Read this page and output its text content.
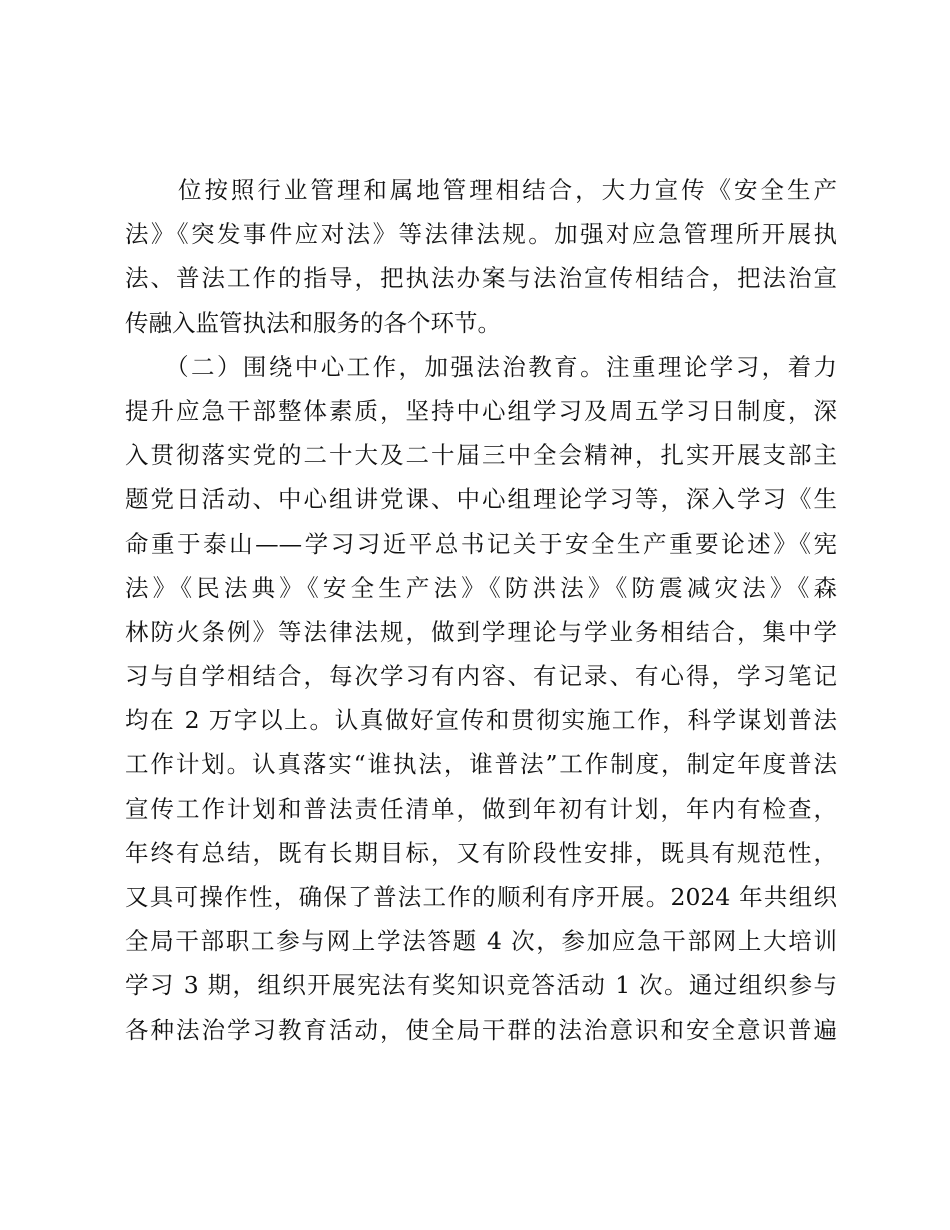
　　位按照行业管理和属地管理相结合，大力宣传《安全生产
法》《突发事件应对法》等法律法规。加强对应急管理所开展执
法、普法工作的指导，把执法办案与法治宣传相结合，把法治宣
传融入监管执法和服务的各个环节。
　　（二）围绕中心工作，加强法治教育。注重理论学习，着力
提升应急干部整体素质，坚持中心组学习及周五学习日制度，深
入贯彻落实党的二十大及二十届三中全会精神，扎实开展支部主
题党日活动、中心组讲党课、中心组理论学习等，深入学习《生
命重于泰山——学习习近平总书记关于安全生产重要论述》《宪
法》《民法典》《安全生产法》《防洪法》《防震减灾法》《森
林防火条例》等法律法规，做到学理论与学业务相结合，集中学
习与自学相结合，每次学习有内容、有记录、有心得，学习笔记
均在 2 万字以上。认真做好宣传和贯彻实施工作，科学谋划普法
工作计划。认真落实“谁执法，谁普法”工作制度，制定年度普法
宣传工作计划和普法责任清单，做到年初有计划，年内有检查，
年终有总结，既有长期目标，又有阶段性安排，既具有规范性，
又具可操作性，确保了普法工作的顺利有序开展。2024 年共组织
全局干部职工参与网上学法答题 4 次，参加应急干部网上大培训
学习 3 期，组织开展宪法有奖知识竞答活动 1 次。通过组织参与
各种法治学习教育活动，使全局干群的法治意识和安全意识普遍
